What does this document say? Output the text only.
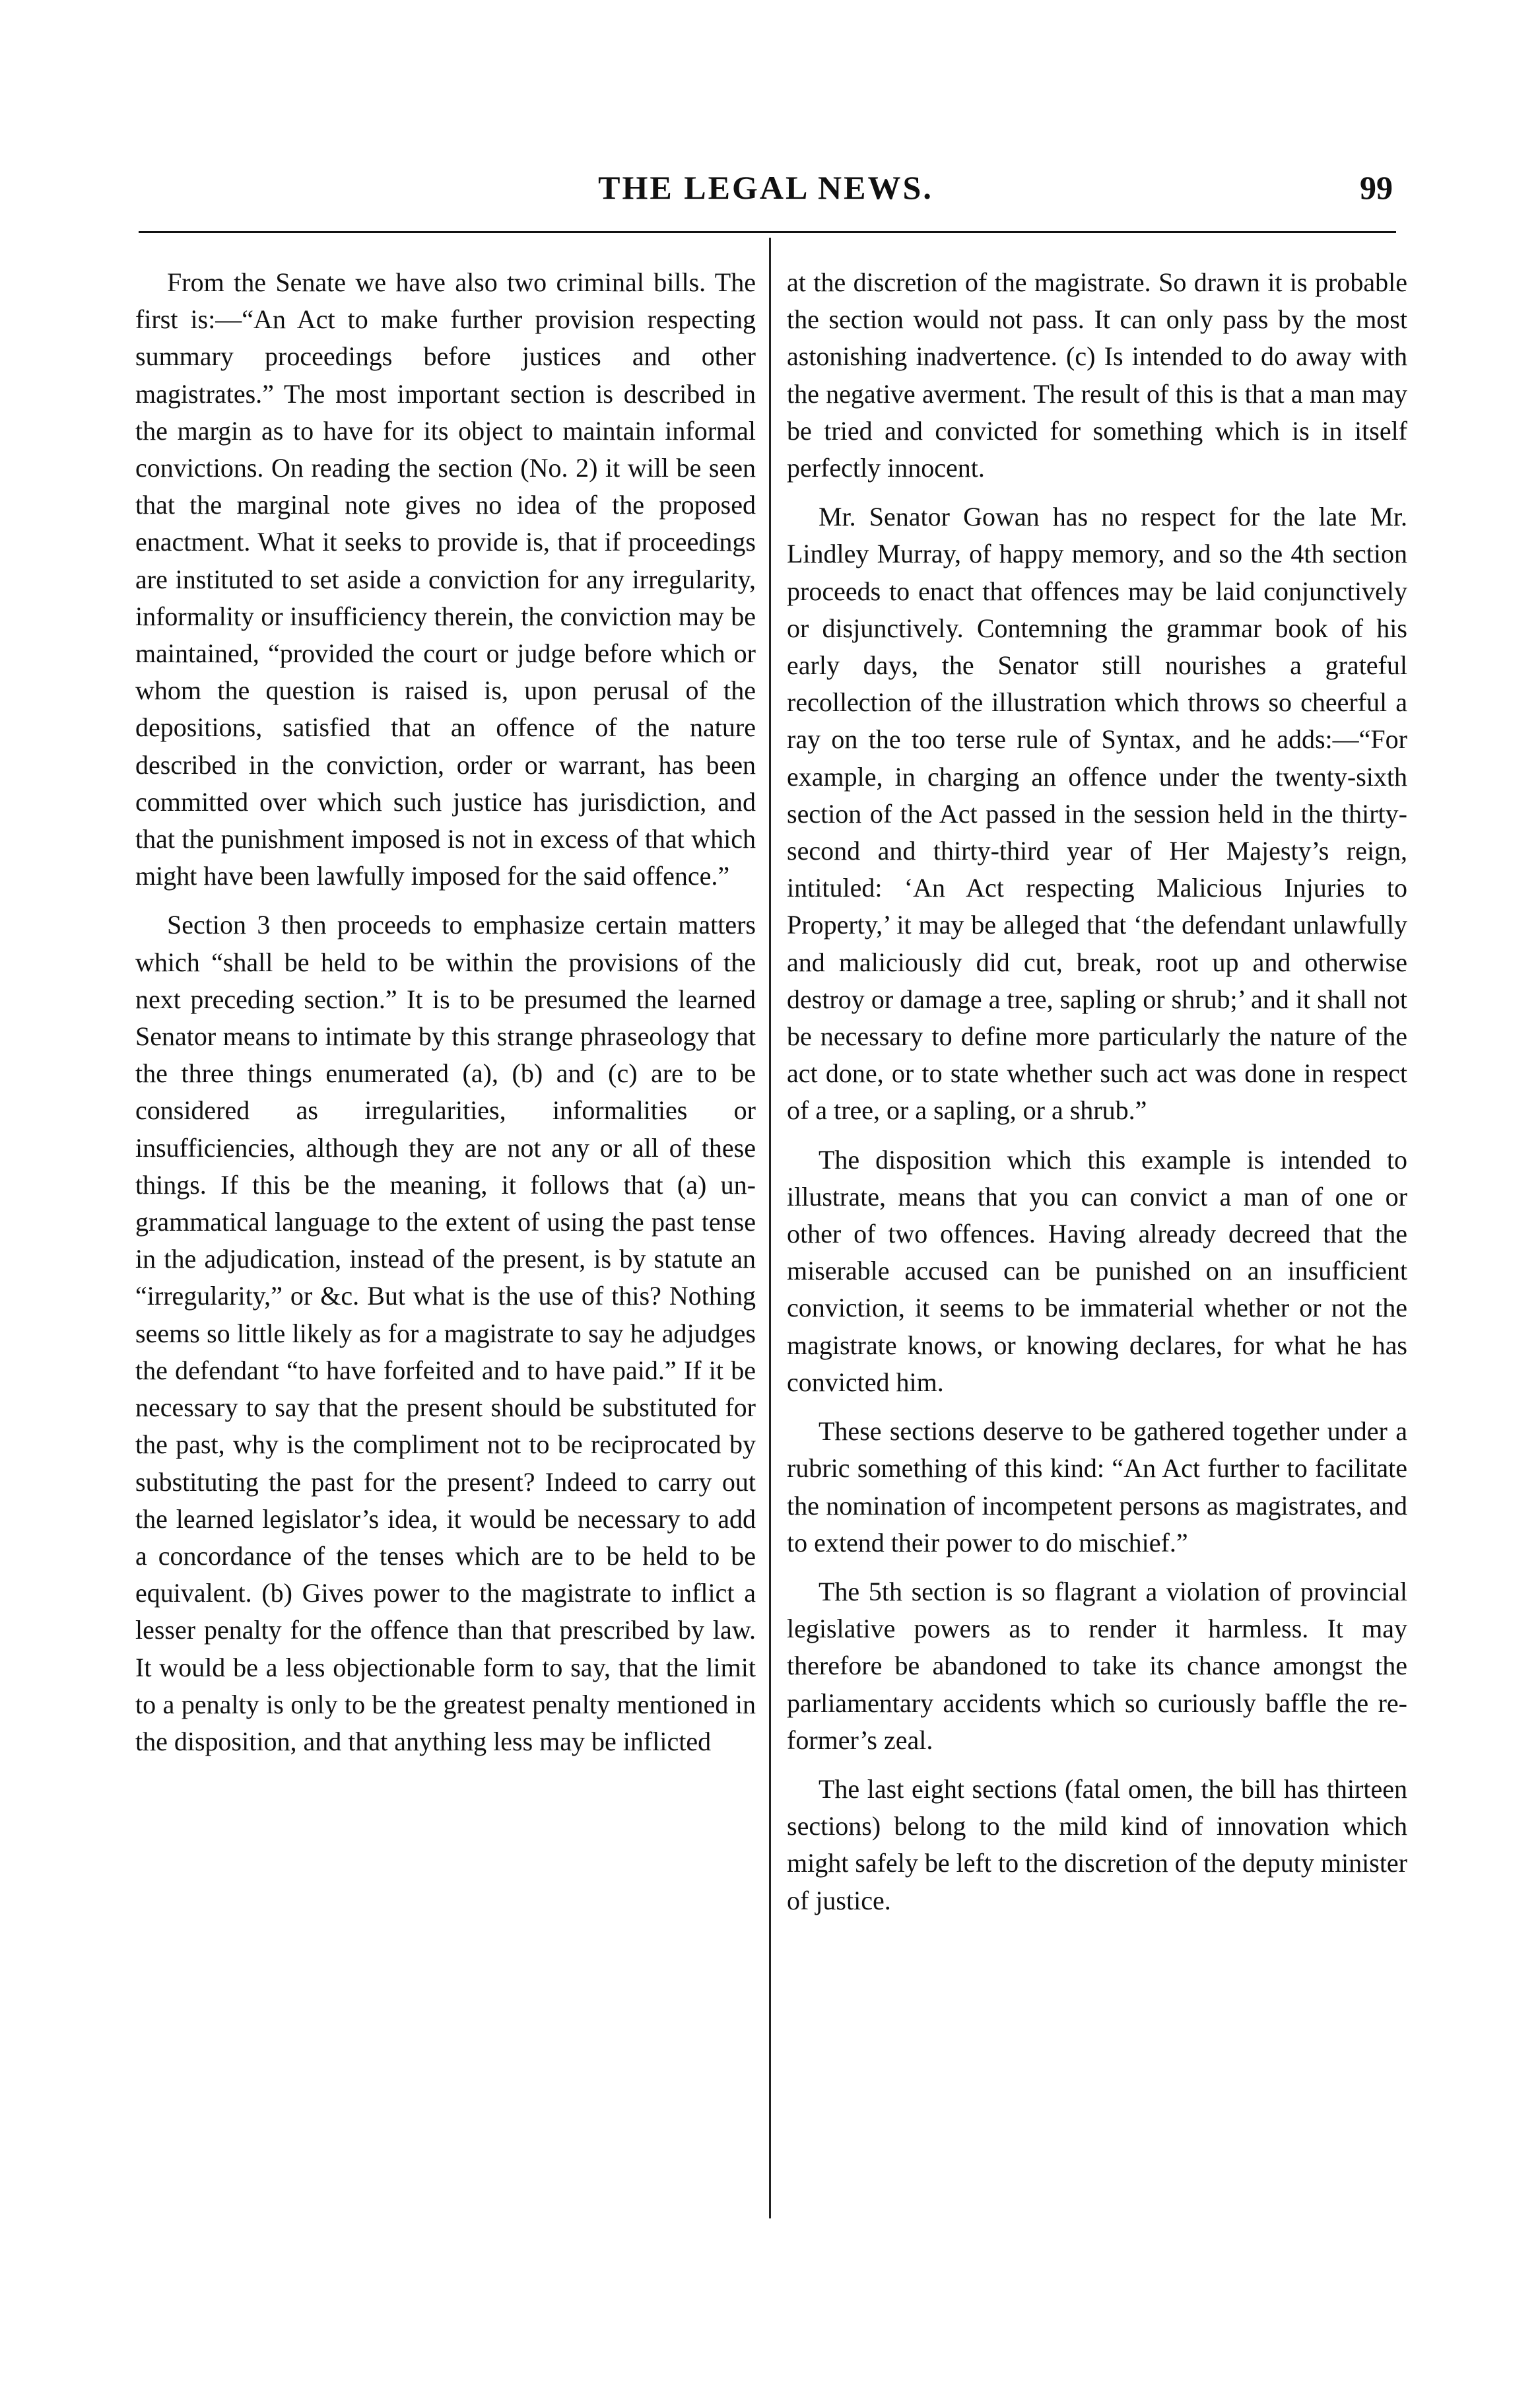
THE LEGAL NEWS.	99

From the Senate we have also two criminal bills. The first is:—“An Act to make further provision respecting summary proceedings before justices and other magistrates.” The most important section is described in the margin as to have for its object to maintain informal convictions. On reading the section (No. 2) it will be seen that the marginal note gives no idea of the proposed enactment. What it seeks to provide is, that if proceedings are instituted to set aside a conviction for any irregularity, informality or insufficiency therein, the conviction may be maintained, “provided the court or judge before which or whom the question is raised is, upon perusal of the depositions, satisfied that an offence of the nature described in the conviction, order or warrant, has been committed over which such justice has jurisdiction, and that the punishment imposed is not in excess of that which might have been lawfully imposed for the said offence.”

Section 3 then proceeds to emphasize certain matters which “shall be held to be within the provisions of the next preceding section.” It is to be presumed the learned Senator means to intimate by this strange phraseology that the three things enumerated (a), (b) and (c) are to be considered as irregularities, informalities or insufficiencies, although they are not any or all of these things. If this be the meaning, it follows that (a) ungrammatical language to the extent of using the past tense in the adjudication, instead of the present, is by statute an “irregularity,” or &c. But what is the use of this? Nothing seems so little likely as for a magistrate to say he adjudges the defendant “to have forfeited and to have paid.” If it be necessary to say that the present should be substituted for the past, why is the compliment not to be reciprocated by substituting the past for the present? Indeed to carry out the learned legislator’s idea, it would be necessary to add a concordance of the tenses which are to be held to be equivalent. (b) Gives power to the magistrate to inflict a lesser penalty for the offence than that prescribed by law. It would be a less objectionable form to say, that the limit to a penalty is only to be the greatest penalty mentioned in the disposition, and that anything less may be inflicted

at the discretion of the magistrate. So drawn it is probable the section would not pass. It can only pass by the most astonishing inadvertence. (c) Is intended to do away with the negative averment. The result of this is that a man may be tried and convicted for something which is in itself perfectly innocent.

Mr. Senator Gowan has no respect for the late Mr. Lindley Murray, of happy memory, and so the 4th section proceeds to enact that offences may be laid conjunctively or disjunctively. Contemning the grammar book of his early days, the Senator still nourishes a grateful recollection of the illustration which throws so cheerful a ray on the too terse rule of Syntax, and he adds:—“For example, in charging an offence under the twenty-sixth section of the Act passed in the session held in the thirty-second and thirty-third year of Her Majesty’s reign, intituled: ‘An Act respecting Malicious Injuries to Property,’ it may be alleged that ‘the defendant unlawfully and maliciously did cut, break, root up and otherwise destroy or damage a tree, sapling or shrub;’ and it shall not be necessary to define more particularly the nature of the act done, or to state whether such act was done in respect of a tree, or a sapling, or a shrub.”

The disposition which this example is intended to illustrate, means that you can convict a man of one or other of two offences. Having already decreed that the miserable accused can be punished on an insufficient conviction, it seems to be immaterial whether or not the magistrate knows, or knowing declares, for what he has convicted him.

These sections deserve to be gathered together under a rubric something of this kind: “An Act further to facilitate the nomination of incompetent persons as magistrates, and to extend their power to do mischief.”

The 5th section is so flagrant a violation of provincial legislative powers as to render it harmless. It may therefore be abandoned to take its chance amongst the parliamentary accidents which so curiously baffle the reformer’s zeal.

The last eight sections (fatal omen, the bill has thirteen sections) belong to the mild kind of innovation which might safely be left to the discretion of the deputy minister of justice.
